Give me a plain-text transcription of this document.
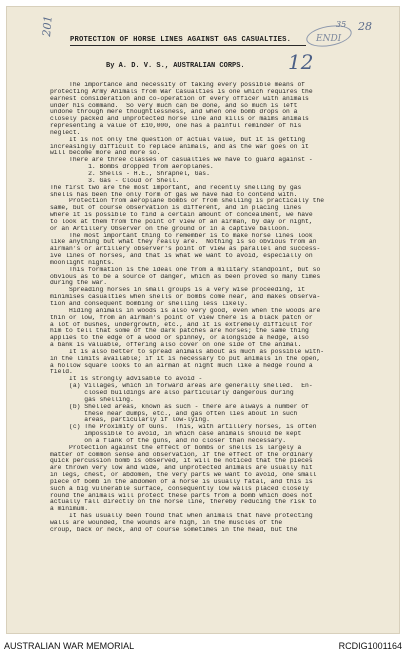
201	35 28
ENDI
12
PROTECTION OF HORSE LINES AGAINST GAS CASUALTIES.
By A. D. V. S., AUSTRALIAN CORPS.
The importance and necessity of taking every possible means of
protecting Army Animals from War Casualties is one which requires the
earnest consideration and co-operation of every officer with animals
under his command.  So very much can be done, and so much is left
undone through mere thoughtlessness, and when one bomb drops on a
closely packed and unprotected horse line and kills or maims animals
representing a value of £10,000, one has a painful reminder of his
neglect.
It is not only the question of actual value, but it is getting
increasingly difficult to replace animals, and as the war goes on it
will become more and more so.
There are three classes of casualties we have to guard against -
1. Bombs dropped from aeroplanes.
2. Shells - H.E., Shrapnel, Gas.
3. Gas - Cloud or Shell.
The first two are the most important, and recently shelling by gas
shells has been the only form of gas we have had to contend with.
Protection from aeroplane bombs or from shelling is practically the
same, but of course observation is different, and in placing lines
where it is possible to find a certain amount of concealment, we have
to look at them from the point of view of an airman, by day or night,
or an Artillery Observer on the ground or in a captive balloon.
The most important thing to remember is to make horse lines look
like anything but what they really are.  Nothing is so obvious from an
airman's or artillery observer's point of view as parallel and success-
ive lines of horses, and that is what we want to avoid, especially on
moonlight nights.
This formation is the ideal one from a military standpoint, but so
obvious as to be a source of danger, which as been proved so many times
during the war.
Spreading horses in small groups is a very wise proceeding, it
minimises casualties when shells or bombs come near, and makes observa-
tion and consequent bombing or shelling less likely.
Hiding animals in woods is also very good, even when the woods are
thin or low, from an airman's point of view there is a black patch or
a lot of bushes, undergrowth, etc., and it is extremely difficult for
him to tell that some of the dark patches are horses; the same thing
applies to the edge of a wood or spinney, or alongside a hedge, also
a bank is valuable, offering also cover on one side of the animal.
It is also better to spread animals about as much as possible with-
in the limits available; if it is necessary to put animals in the open,
a hollow square looks to an airman at night much like a hedge round a
field.
It is strongly advisable to avoid -
(a) Villages, which in forward areas are generally shelled.  En-
closed buildings are also particularly dangerous during
gas shelling.
(b) Shelled areas, known as such - there are always a number of
these near dumps, etc., and gas often lies about in such
areas, particularly if low-lying.
(c) The Proximity of Guns.  This, with artillery horses, is often
impossible to avoid, in which case animals should be kept
on a flank of the guns, and no closer than necessary.
Protection against the effect of bombs or shells is largely a
matter of common sense and observation, if the effect of the ordinary
quick percussion bomb is observed, it will be noticed that the pieces
are thrown very low and wide, and unprotected animals are usually hit
in legs, chest, or abdomen, the very parts we want to avoid, one small
piece of bomb in the abdomen of a horse is usually fatal, and this is
such a big vulnerable surface, consequently low walls placed closely
round the animals will protect these parts from a bomb which does not
actually fall directly on the horse line, thereby reducing the risk to
a minimum.
It has usually been found that when animals that have protecting
walls are wounded, the wounds are high, in the muscles of the
croup, back or neck, and of course sometimes in the head, but the
AUSTRALIAN WAR MEMORIAL	RCDIG1001164
